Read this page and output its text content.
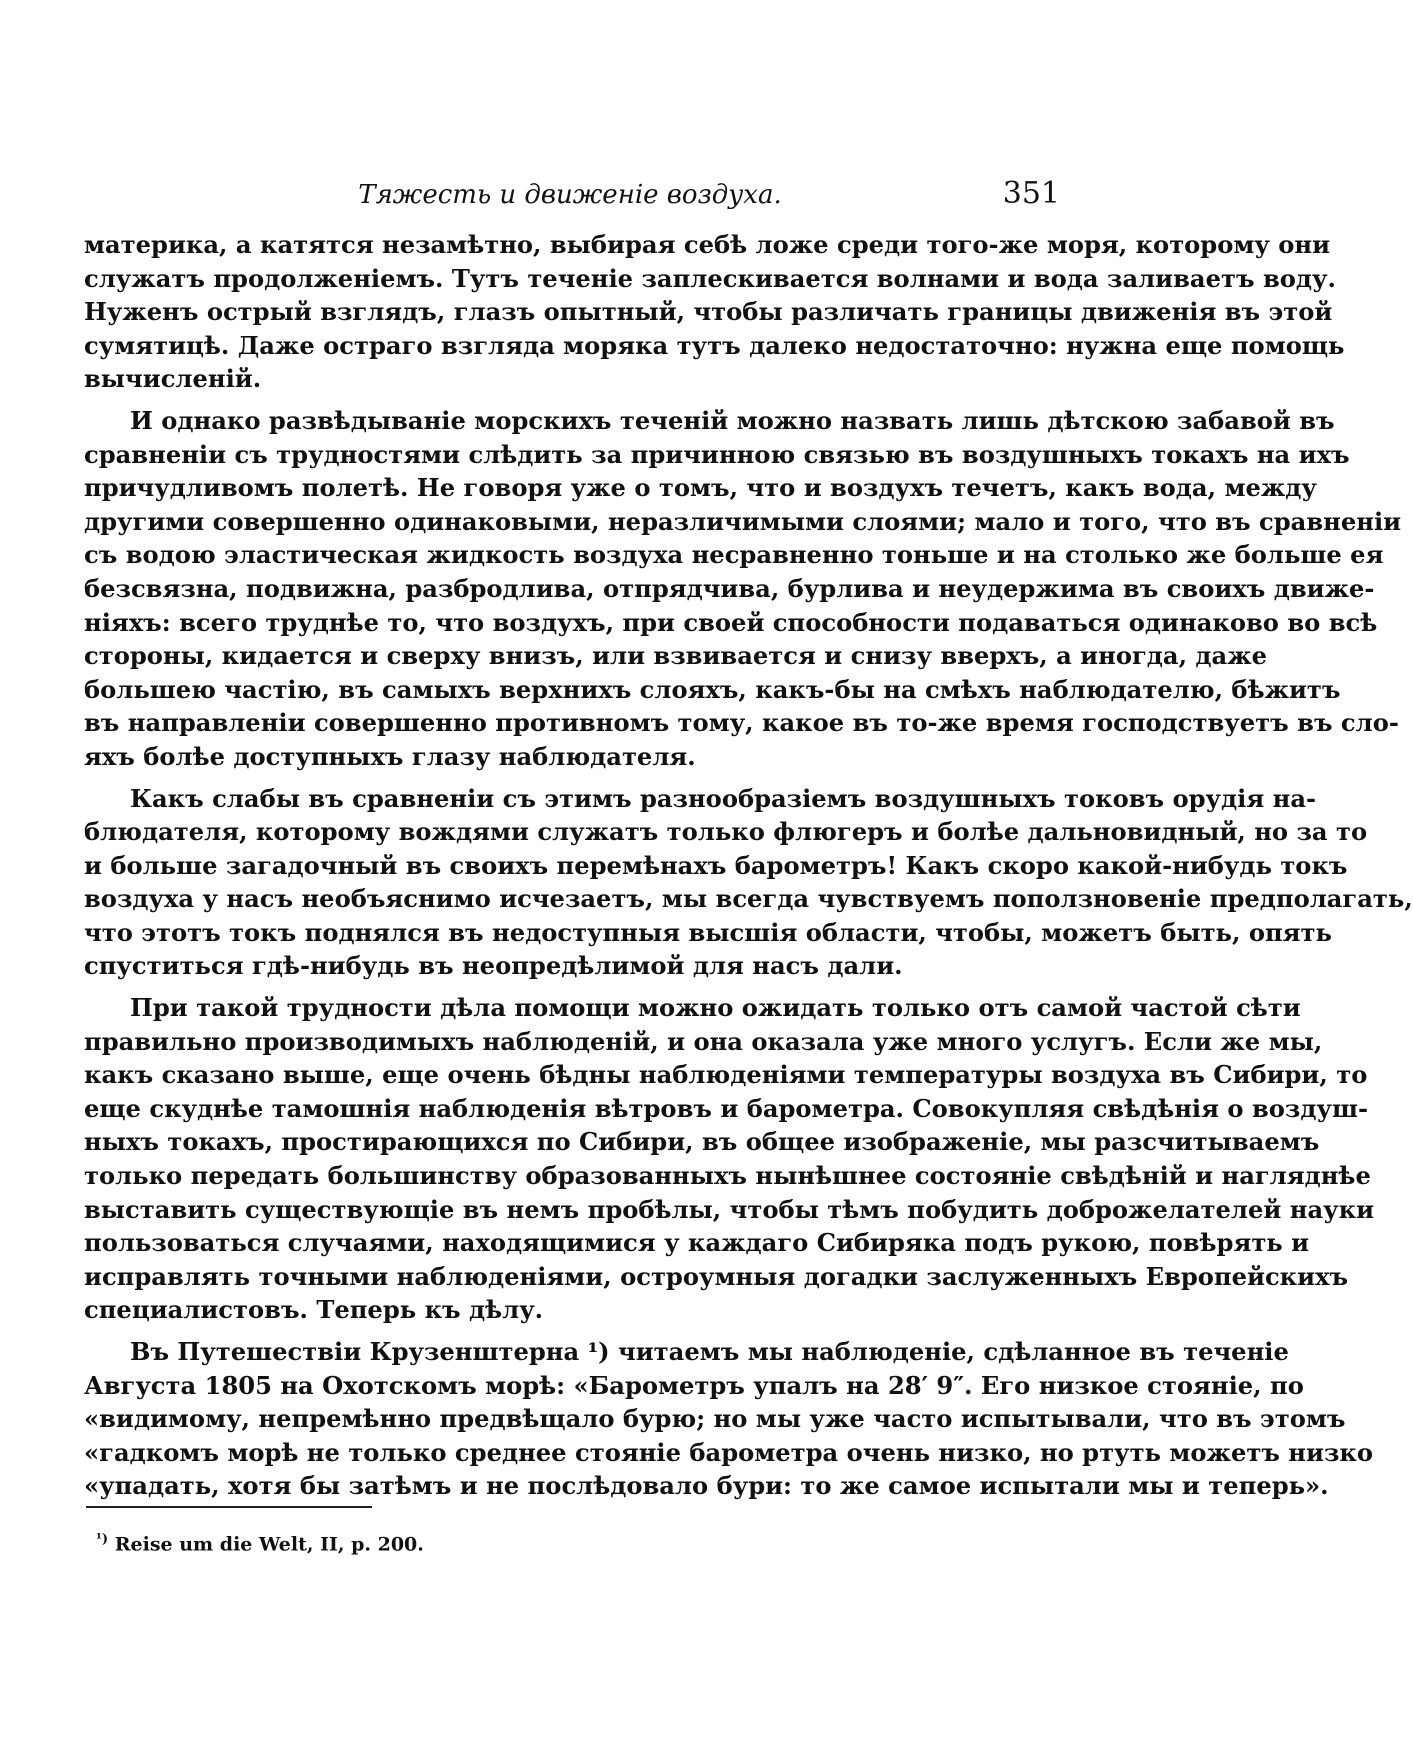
Тяжесть и движенiе воздуха.	351
материка, а катятся незамѣтно, выбирая себѣ ложе среди того-же моря, которому они
служатъ продолженiемъ. Тутъ теченiе заплескивается волнами и вода заливаетъ воду.
Нуженъ острый взглядъ, глазъ опытный, чтобы различать границы движенiя въ этой
сумятицѣ. Даже остраго взгляда моряка тутъ далеко недостаточно: нужна еще помощь
вычисленiй.
И однако развѣдыванiе морскихъ теченiй можно назвать лишь дѣтскою забавой въ
сравненiи съ трудностями слѣдить за причинною связью въ воздушныхъ токахъ на ихъ
причудливомъ полетѣ. Не говоря уже о томъ, что и воздухъ течетъ, какъ вода, между
другими совершенно одинаковыми, неразличимыми слоями; мало и того, что въ сравненiи
съ водою эластическая жидкость воздуха несравненно тоньше и на столько же больше ея
безсвязна, подвижна, разбродлива, отпрядчива, бурлива и неудержима въ своихъ движе-
нiяхъ: всего труднѣе то, что воздухъ, при своей способности подаваться одинаково во всѣ
стороны, кидается и сверху внизъ, или взвивается и снизу вверхъ, а иногда, даже
большею частiю, въ самыхъ верхнихъ слояхъ, какъ-бы на смѣхъ наблюдателю, бѣжитъ
въ направленiи совершенно противномъ тому, какое въ то-же время господствуетъ въ сло-
яхъ болѣе доступныхъ глазу наблюдателя.
Какъ слабы въ сравненiи съ этимъ разнообразiемъ воздушныхъ токовъ орудiя на-
блюдателя, которому вождями служатъ только флюгеръ и болѣе дальновидный, но за то
и больше загадочный въ своихъ перемѣнахъ барометръ! Какъ скоро какой-нибудь токъ
воздуха у насъ необъяснимо исчезаетъ, мы всегда чувствуемъ поползновенiе предполагать,
что этотъ токъ поднялся въ недоступныя высшiя области, чтобы, можетъ быть, опять
спуститься гдѣ-нибудь въ неопредѣлимой для насъ дали.
При такой трудности дѣла помощи можно ожидать только отъ самой частой сѣти
правильно производимыхъ наблюденiй, и она оказала уже много услугъ. Если же мы,
какъ сказано выше, еще очень бѣдны наблюденiями температуры воздуха въ Сибири, то
еще скуднѣе тамошнiя наблюденiя вѣтровъ и барометра. Совокупляя свѣдѣнiя о воздуш-
ныхъ токахъ, простирающихся по Сибири, въ общее изображенiе, мы разсчитываемъ
только передать большинству образованныхъ нынѣшнее состоянiе свѣдѣнiй и нагляднѣе
выставить существующiе въ немъ пробѣлы, чтобы тѣмъ побудить доброжелателей науки
пользоваться случаями, находящимися у каждаго Сибиряка подъ рукою, повѣрять и
исправлять точными наблюденiями, остроумныя догадки заслуженныхъ Европейскихъ
специалистовъ. Теперь къ дѣлу.
Въ Путешествiи Крузенштерна ¹) читаемъ мы наблюденiе, сдѣланное въ теченiе
Августа 1805 на Охотскомъ морѣ: «Барометръ упалъ на 28′ 9″. Его низкое стоянiе, по
«видимому, непремѣнно предвѣщало бурю; но мы уже часто испытывали, что въ этомъ
«гадкомъ морѣ не только среднее стоянiе барометра очень низко, но ртуть можетъ низко
«упадать, хотя бы затѣмъ и не послѣдовало бури: то же самое испытали мы и теперь».
$^{^1)}$ Reise um die Welt, II, p. 200.
